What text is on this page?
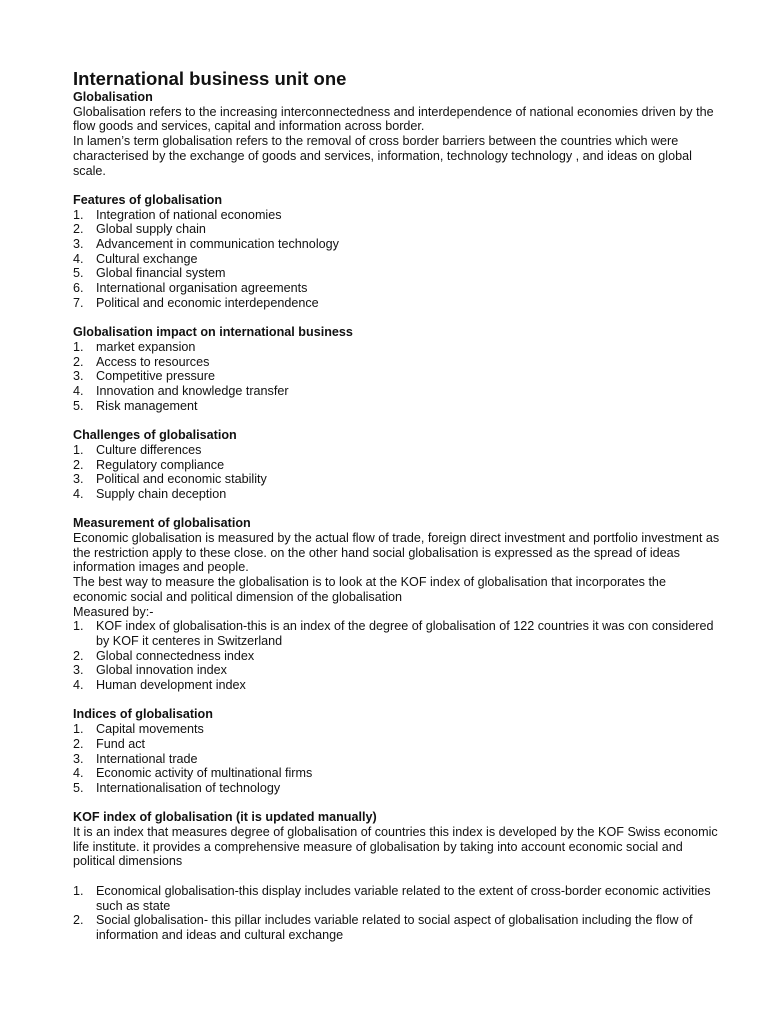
International business unit one
Globalisation
Globalisation refers to the increasing interconnectedness and interdependence of national economies driven by the flow goods and services, capital and information across border.
In lamen’s term globalisation refers to the removal of cross border barriers between the countries which were characterised by the exchange of goods and services, information, technology technology , and ideas on global scale.
Features of globalisation
1. Integration of national economies
2. Global supply chain
3. Advancement in communication technology
4. Cultural exchange
5. Global financial system
6. International organisation agreements
7. Political and economic interdependence
Globalisation impact on international business
1. market expansion
2. Access to resources
3. Competitive pressure
4. Innovation and knowledge transfer
5. Risk management
Challenges of globalisation
1. Culture differences
2. Regulatory compliance
3. Political and economic stability
4. Supply chain deception
Measurement of globalisation
Economic globalisation is measured by the actual flow of trade, foreign direct investment and portfolio investment as the restriction apply to these close. on the other hand social globalisation is expressed as the spread of ideas information images and people.
The best way to measure the globalisation is to look at the KOF index of globalisation that incorporates the economic social and political dimension of the globalisation
Measured by:-
1. KOF index of globalisation-this is an index of the degree of globalisation of 122 countries it was con considered by KOF it centeres in Switzerland
2. Global connectedness index
3. Global innovation index
4. Human development index
Indices of globalisation
1. Capital movements
2. Fund act
3. International trade
4. Economic activity of multinational firms
5. Internationalisation of technology
KOF index of globalisation (it is updated manually)
It is an index that measures degree of globalisation of countries this index is developed by the KOF Swiss economic life institute. it provides a comprehensive measure of globalisation by taking into account economic social and political dimensions
1. Economical globalisation-this display includes variable related to the extent of cross-border economic activities such as state
2. Social globalisation- this pillar includes variable related to social aspect of globalisation including the flow of information and ideas and cultural exchange
